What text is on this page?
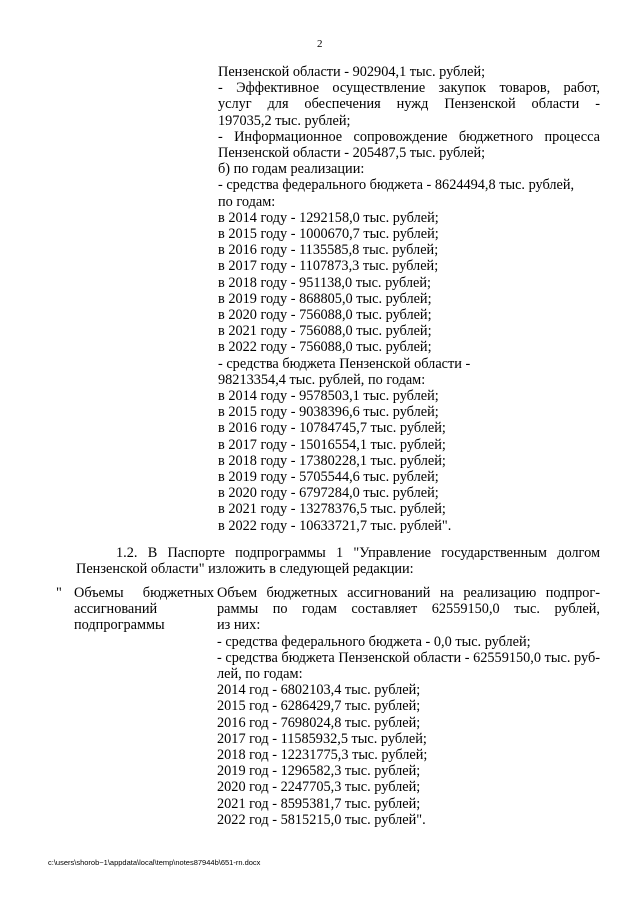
2
Пензенской области - 902904,1 тыс. рублей;
- Эффективное осуществление закупок товаров, работ,
услуг для обеспечения нужд Пензенской области -
197035,2 тыс. рублей;
- Информационное сопровождение бюджетного процесса
Пензенской области - 205487,5 тыс. рублей;
б) по годам реализации:
- средства федерального бюджета - 8624494,8 тыс. рублей,
по годам:
в 2014 году - 1292158,0 тыс. рублей;
в 2015 году - 1000670,7 тыс. рублей;
в 2016 году - 1135585,8 тыс. рублей;
в 2017 году - 1107873,3 тыс. рублей;
в 2018 году - 951138,0 тыс. рублей;
в 2019 году - 868805,0 тыс. рублей;
в 2020 году - 756088,0 тыс. рублей;
в 2021 году - 756088,0 тыс. рублей;
в 2022 году - 756088,0 тыс. рублей;
- средства бюджета Пензенской области -
98213354,4 тыс. рублей, по годам:
в 2014 году - 9578503,1 тыс. рублей;
в 2015 году - 9038396,6 тыс. рублей;
в 2016 году - 10784745,7 тыс. рублей;
в 2017 году - 15016554,1 тыс. рублей;
в 2018 году - 17380228,1 тыс. рублей;
в 2019 году - 5705544,6 тыс. рублей;
в 2020 году - 6797284,0 тыс. рублей;
в 2021 году - 13278376,5 тыс. рублей;
в 2022 году - 10633721,7 тыс. рублей".
1.2. В Паспорте подпрограммы 1 "Управление государственным долгом
Пензенской области" изложить в следующей редакции:
" Объемы бюджетных
ассигнований
подпрограммы
Объем бюджетных ассигнований на реализацию подпрог-
раммы по годам составляет 62559150,0 тыс. рублей,
из них:
- средства федерального бюджета - 0,0 тыс. рублей;
- средства бюджета Пензенской области - 62559150,0 тыс. руб-
лей, по годам:
2014 год - 6802103,4 тыс. рублей;
2015 год - 6286429,7 тыс. рублей;
2016 год - 7698024,8 тыс. рублей;
2017 год - 11585932,5 тыс. рублей;
2018 год - 12231775,3 тыс. рублей;
2019 год - 1296582,3 тыс. рублей;
2020 год - 2247705,3 тыс. рублей;
2021 год - 8595381,7 тыс. рублей;
2022 год - 5815215,0 тыс. рублей".
c:\users\shorob~1\appdata\local\temp\notes87944b\651-rn.docx
